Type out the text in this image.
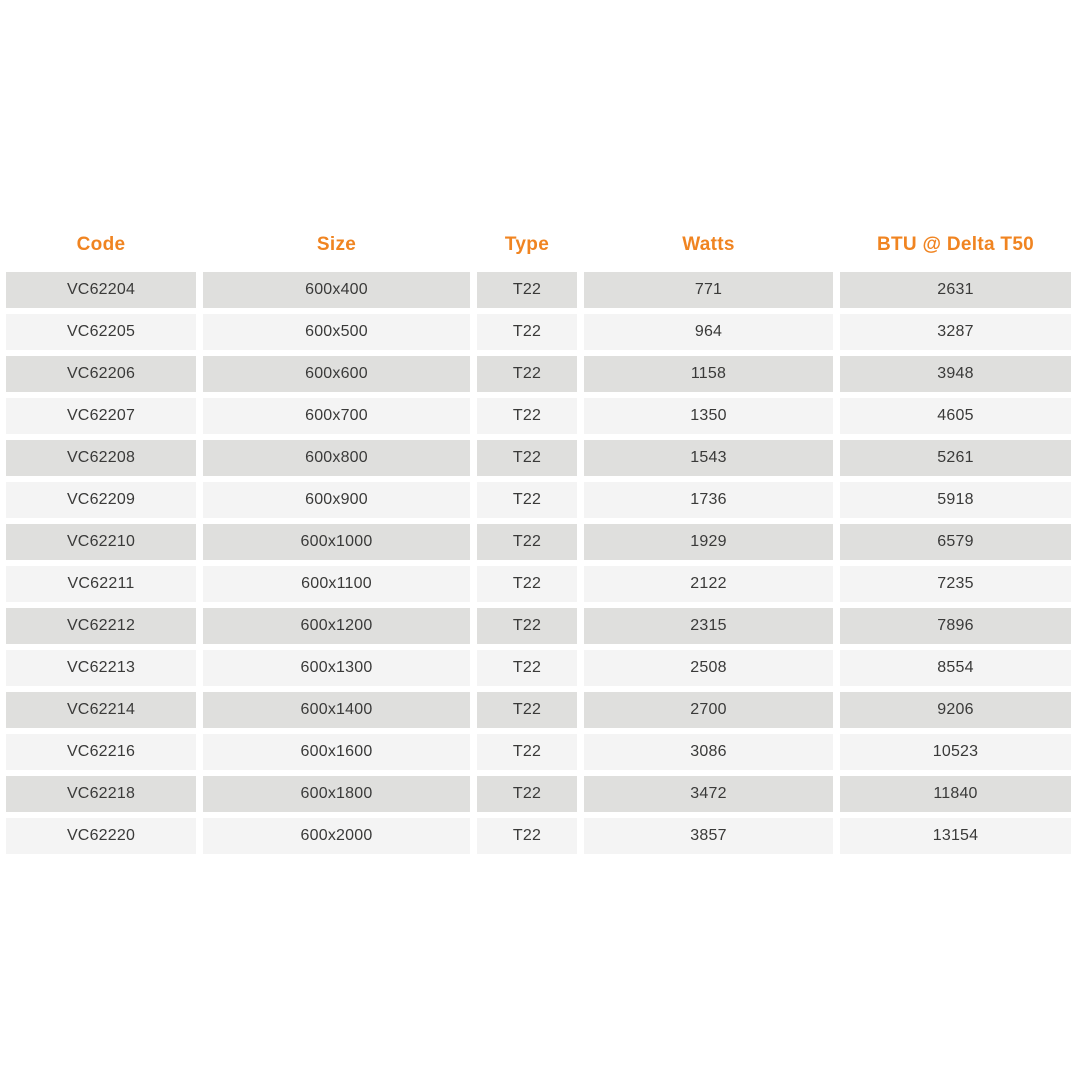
Code	Size	Type	Watts	BTU @ Delta T50
VC62204	600x400	T22	771	2631
VC62205	600x500	T22	964	3287
VC62206	600x600	T22	1158	3948
VC62207	600x700	T22	1350	4605
VC62208	600x800	T22	1543	5261
VC62209	600x900	T22	1736	5918
VC62210	600x1000	T22	1929	6579
VC62211	600x1100	T22	2122	7235
VC62212	600x1200	T22	2315	7896
VC62213	600x1300	T22	2508	8554
VC62214	600x1400	T22	2700	9206
VC62216	600x1600	T22	3086	10523
VC62218	600x1800	T22	3472	11840
VC62220	600x2000	T22	3857	13154
